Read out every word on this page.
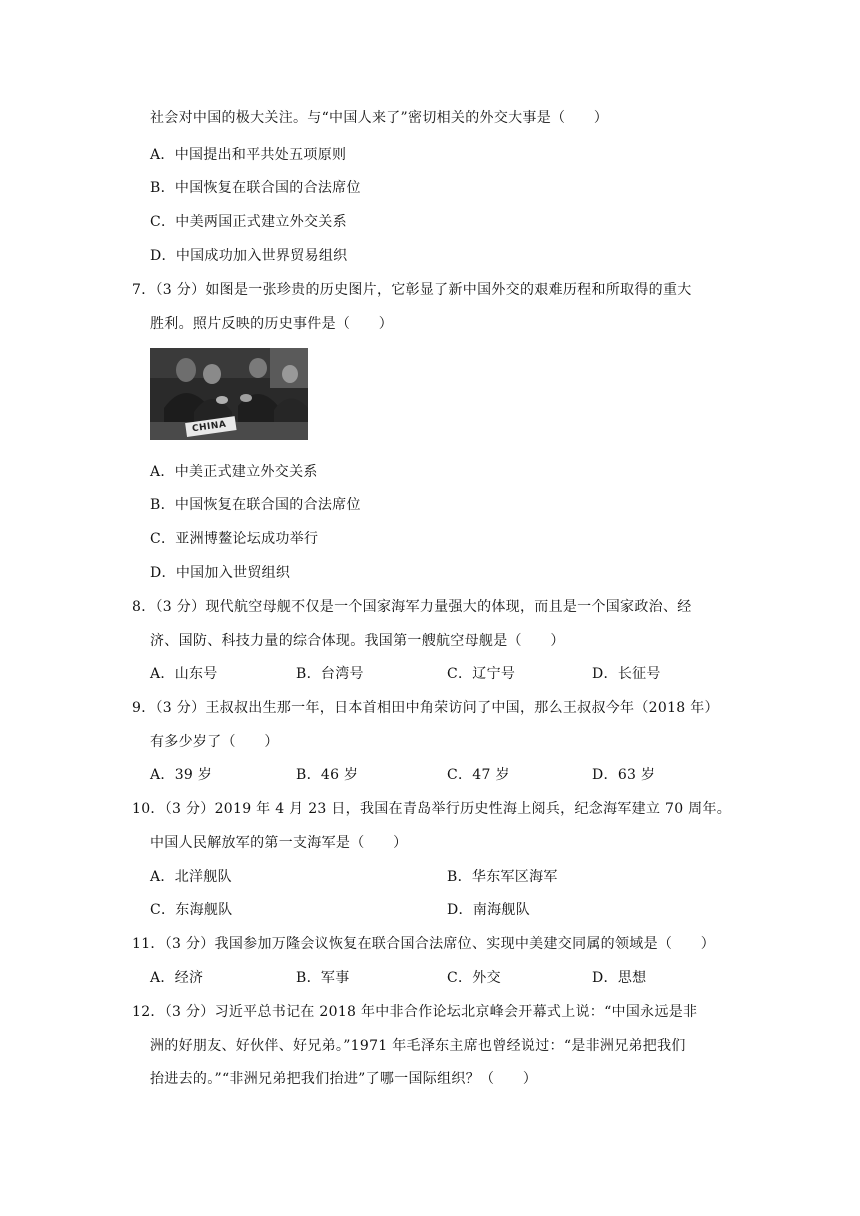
社会对中国的极大关注。与“中国人来了”密切相关的外交大事是（　　）
A．中国提出和平共处五项原则
B．中国恢复在联合国的合法席位
C．中美两国正式建立外交关系
D．中国成功加入世界贸易组织
7．（3 分）如图是一张珍贵的历史图片，它彰显了新中国外交的艰难历程和所取得的重大
胜利。照片反映的历史事件是（　　）
CHINA
A．中美正式建立外交关系
B．中国恢复在联合国的合法席位
C．亚洲博鳌论坛成功举行
D．中国加入世贸组织
8．（3 分）现代航空母舰不仅是一个国家海军力量强大的体现，而且是一个国家政治、经
济、国防、科技力量的综合体现。我国第一艘航空母舰是（　　）
A．山东号	B．台湾号	C．辽宁号	D．长征号
9．（3 分）王叔叔出生那一年，日本首相田中角荣访问了中国，那么王叔叔今年（2018 年）
有多少岁了（　　）
A．39 岁	B．46 岁	C．47 岁	D．63 岁
10．（3 分）2019 年 4 月 23 日，我国在青岛举行历史性海上阅兵，纪念海军建立 70 周年。
中国人民解放军的第一支海军是（　　）
A．北洋舰队	B．华东军区海军
C．东海舰队	D．南海舰队
11．（3 分）我国参加万隆会议恢复在联合国合法席位、实现中美建交同属的领域是（　　）
A．经济	B．军事	C．外交	D．思想
12．（3 分）习近平总书记在 2018 年中非合作论坛北京峰会开幕式上说：“中国永远是非
洲的好朋友、好伙伴、好兄弟。”1971 年毛泽东主席也曾经说过：“是非洲兄弟把我们
抬进去的。”“非洲兄弟把我们抬进”了哪一国际组织？（　　）
